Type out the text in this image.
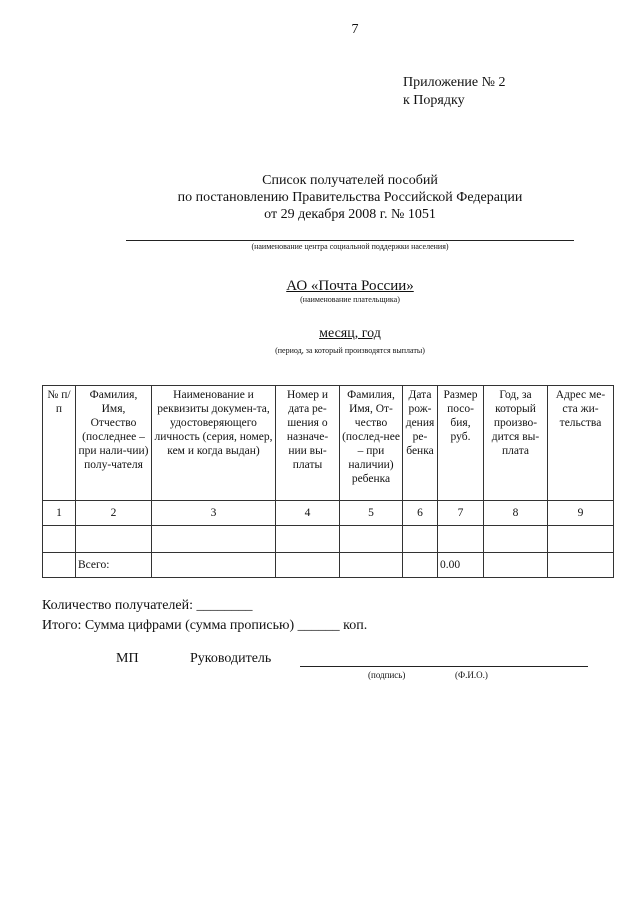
7
Приложение № 2
к Порядку
Список получателей пособий
по постановлению Правительства Российской Федерации
от 29 декабря 2008 г. № 1051
(наименование центра социальной поддержки населения)
АО «Почта России»
(наименование плательщика)
месяц, год
(период, за который производятся выплаты)
№ п/п	Фамилия, Имя, Отчество (последнее – при нали-чии) полу-чателя	Наименование и реквизиты докумен-та, удостоверяющего личность (серия, номер, кем и когда выдан)	Номер и дата ре-шения о назначе-нии вы-платы	Фамилия, Имя, От-чество (послед-нее – при наличии) ребенка	Дата рож-дения ре-бенка	Размер посо-бия, руб.	Год, за который произво-дится вы-плата	Адрес ме-ста жи-тельства
1	2	3	4	5	6	7	8	9

	Всего:					0.00		
Количество получателей: ________
Итого: Сумма цифрами (сумма прописью) ______ коп.
МП	Руководитель
(подпись)	(Ф.И.О.)
